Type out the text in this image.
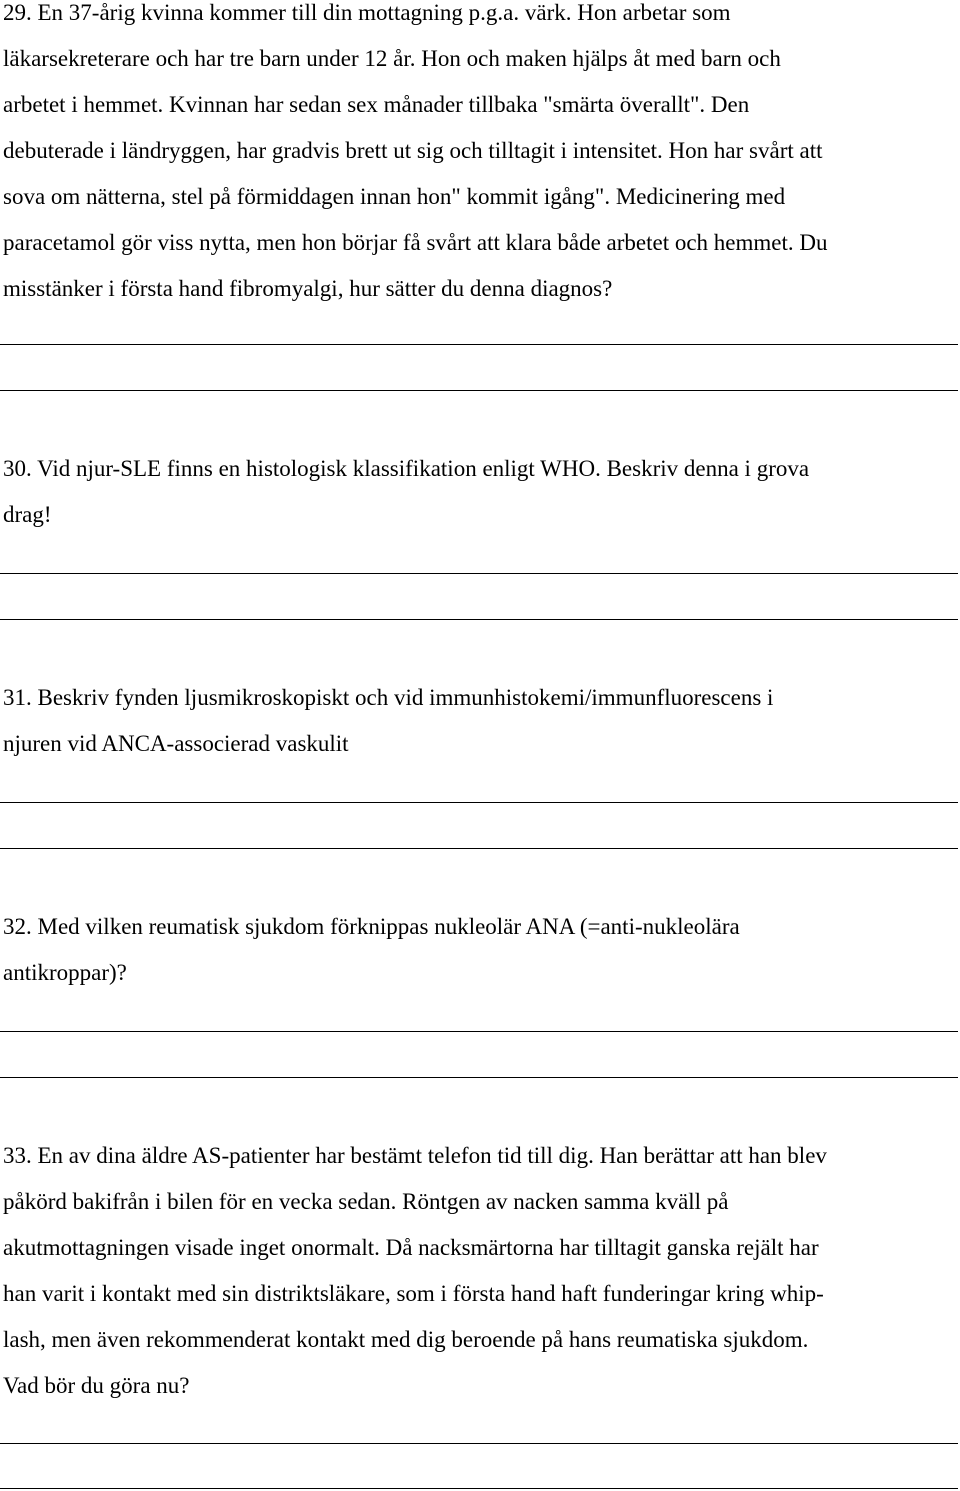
29. En 37-årig kvinna kommer till din mottagning p.g.a. värk. Hon arbetar som

läkarsekreterare och har tre barn under 12 år. Hon och maken hjälps åt med barn och

arbetet i hemmet. Kvinnan har sedan sex månader tillbaka "smärta överallt". Den

debuterade i ländryggen, har gradvis brett ut sig och tilltagit i intensitet. Hon har svårt att

sova om nätterna, stel på förmiddagen innan hon" kommit igång". Medicinering med

paracetamol gör viss nytta, men hon börjar få svårt att klara både arbetet och hemmet. Du

misstänker i första hand fibromyalgi, hur sätter du denna diagnos?

30. Vid njur-SLE finns en histologisk klassifikation enligt WHO. Beskriv denna i grova

drag!

31. Beskriv fynden ljusmikroskopiskt och vid immunhistokemi/immunfluorescens i

njuren vid ANCA-associerad vaskulit

32. Med vilken reumatisk sjukdom förknippas nukleolär ANA (=anti-nukleolära

antikroppar)?

33. En av dina äldre AS-patienter har bestämt telefon tid till dig. Han berättar att han blev

påkörd bakifrån i bilen för en vecka sedan. Röntgen av nacken samma kväll på

akutmottagningen visade inget onormalt. Då nacksmärtorna har tilltagit ganska rejält har

han varit i kontakt med sin distriktsläkare, som i första hand haft funderingar kring whip-

lash, men även rekommenderat kontakt med dig beroende på hans reumatiska sjukdom.

Vad bör du göra nu?
